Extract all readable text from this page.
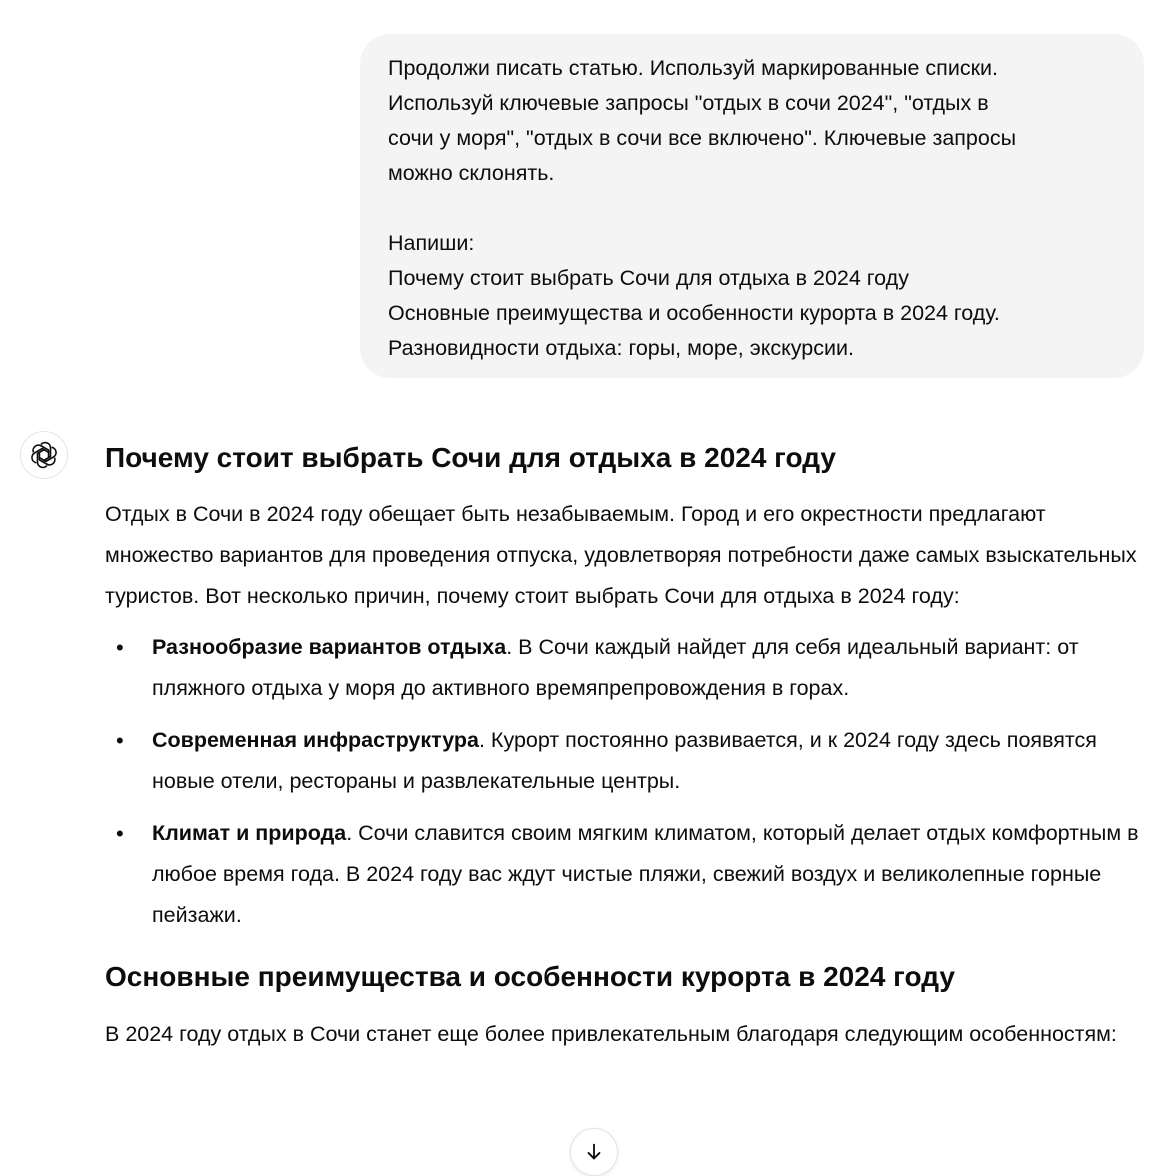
Продолжи писать статью. Используй маркированные списки.
Используй ключевые запросы "отдых в сочи 2024", "отдых в
сочи у моря", "отдых в сочи все включено". Ключевые запросы
можно склонять.

Напиши:
Почему стоит выбрать Сочи для отдыха в 2024 году
Основные преимущества и особенности курорта в 2024 году.
Разновидности отдыха: горы, море, экскурсии.
Почему стоит выбрать Сочи для отдыха в 2024 году

Отдых в Сочи в 2024 году обещает быть незабываемым. Город и его окрестности предлагают множество вариантов для проведения отпуска, удовлетворяя потребности даже самых взыскательных туристов. Вот несколько причин, почему стоит выбрать Сочи для отдыха в 2024 году:

• Разнообразие вариантов отдыха. В Сочи каждый найдет для себя идеальный вариант: от пляжного отдыха у моря до активного времяпрепровождения в горах.
• Современная инфраструктура. Курорт постоянно развивается, и к 2024 году здесь появятся новые отели, рестораны и развлекательные центры.
• Климат и природа. Сочи славится своим мягким климатом, который делает отдых комфортным в любое время года. В 2024 году вас ждут чистые пляжи, свежий воздух и великолепные горные пейзажи.
Основные преимущества и особенности курорта в 2024 году

В 2024 году отдых в Сочи станет еще более привлекательным благодаря следующим особенностям:
